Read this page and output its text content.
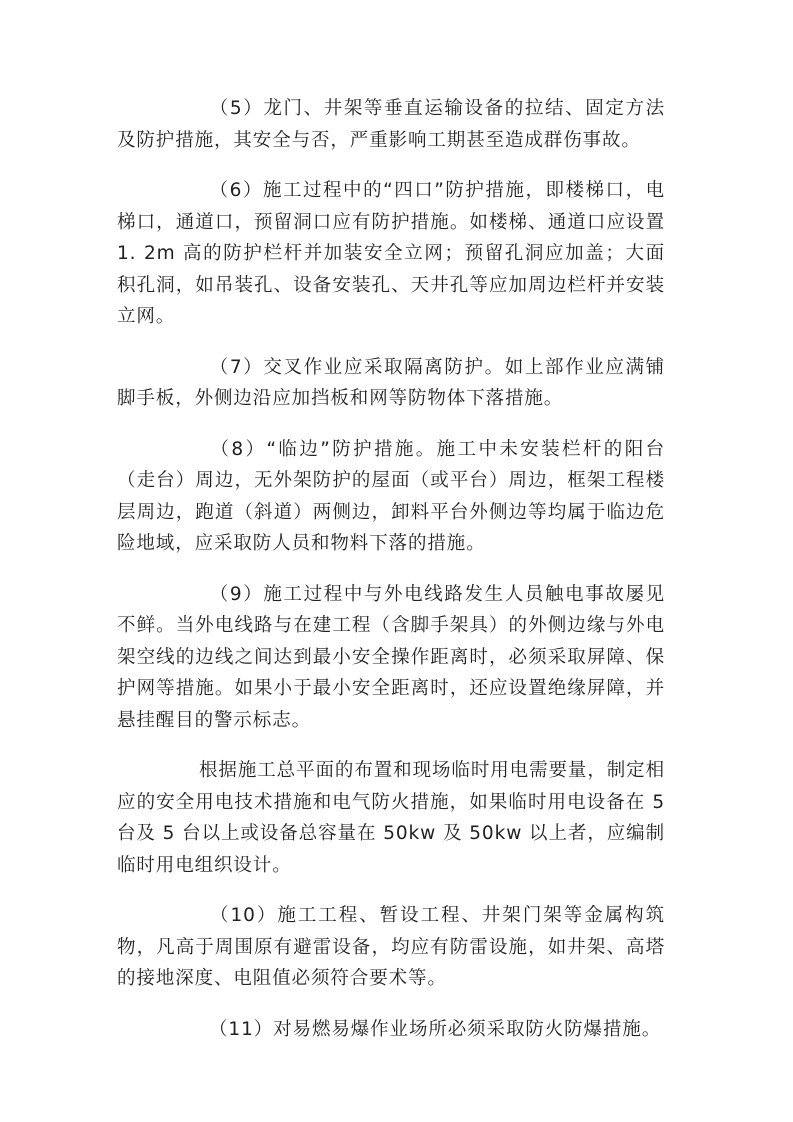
（5）龙门、井架等垂直运输设备的拉结、固定方法及防护措施，其安全与否，严重影响工期甚至造成群伤事故。

（6）施工过程中的“四口”防护措施，即楼梯口，电梯口，通道口，预留洞口应有防护措施。如楼梯、通道口应设置 1. 2m 高的防护栏杆并加装安全立网；预留孔洞应加盖；大面积孔洞，如吊装孔、设备安装孔、天井孔等应加周边栏杆并安装立网。

（7）交叉作业应采取隔离防护。如上部作业应满铺脚手板，外侧边沿应加挡板和网等防物体下落措施。

（8）“临边”防护措施。施工中未安装栏杆的阳台（走台）周边，无外架防护的屋面（或平台）周边，框架工程楼层周边，跑道（斜道）两侧边，卸料平台外侧边等均属于临边危险地域，应采取防人员和物料下落的措施。

（9）施工过程中与外电线路发生人员触电事故屡见不鲜。当外电线路与在建工程（含脚手架具）的外侧边缘与外电架空线的边线之间达到最小安全操作距离时，必须采取屏障、保护网等措施。如果小于最小安全距离时，还应设置绝缘屏障，并悬挂醒目的警示标志。

根据施工总平面的布置和现场临时用电需要量，制定相应的安全用电技术措施和电气防火措施，如果临时用电设备在 5 台及 5 台以上或设备总容量在 50kw 及 50kw 以上者，应编制临时用电组织设计。

（10）施工工程、暂设工程、井架门架等金属构筑物，凡高于周围原有避雷设备，均应有防雷设施，如井架、高塔的接地深度、电阻值必须符合要术等。

（11）对易燃易爆作业场所必须采取防火防爆措施。
